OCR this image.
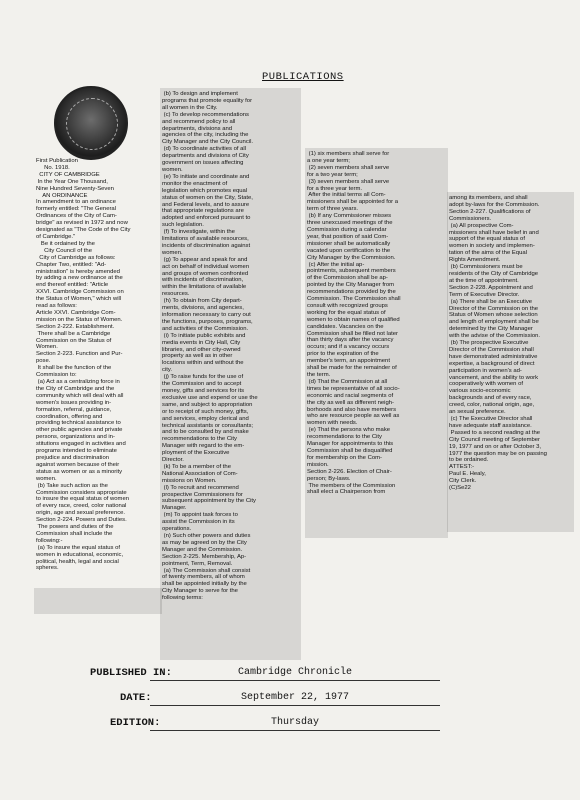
PUBLICATIONS
First Publication
No. 1918.
CITY OF CAMBRIDGE
In the Year One Thousand,
Nine Hundred Seventy-Seven
AN ORDINANCE
In amendment to an ordinance
formerly entitled: "The General
Ordinances of the City of Cam-
bridge" as revised in 1972 and now
designated as "The Code of the City
of Cambridge."
Be it ordained by the
City Council of the
City of Cambridge as follows:
Chapter Two, entitled: "Ad-
ministration" is hereby amended
by adding a new ordinance at the
end thereof entitled: "Article
XXVI. Cambridge Commission on
the Status of Women," which will
read as follows:
Article XXVI. Cambridge Com-
mission on the Status of Women.
Section 2-222. Establishment.
There shall be a Cambridge
Commission on the Status of
Women.
Section 2-223. Function and Pur-
pose.
It shall be the function of the
Commission to:
(a) Act as a centralizing force in
the City of Cambridge and the
community which will deal with all
women's issues providing in-
formation, referral, guidance,
coordination, offering and
providing technical assistance to
other public agencies and private
persons, organizations and in-
stitutions engaged in activities and
programs intended to eliminate
prejudice and discrimination
against women because of their
status as women or as a minority
women.
(b) Take such action as the
Commission considers appropriate
to insure the equal status of women
of every race, creed, color national
origin, age and sexual preference.
Section 2-224. Powers and Duties.
The powers and duties of the
Commission shall include the
following:-
(a) To insure the equal status of
women in educational, economic,
political, health, legal and social
spheres.
(b) To design and implement
programs that promote equality for
all women in the City.
(c) To develop recommendations
and recommend policy to all
departments, divisions and
agencies of the city, including the
City Manager and the City Council.
(d) To coordinate activities of all
departments and divisions of City
government on issues affecting
women.
(e) To initiate and coordinate and
monitor the enactment of
legislation which promotes equal
status of women on the City, State,
and Federal levels, and to assure
that appropriate regulations are
adopted and enforced pursuant to
such legislation.
(f) To investigate, within the
limitations of available resources,
incidents of discrimination against
women.
(g) To appear and speak for and
act on behalf of individual women
and groups of women confronted
with incidents of discrimination,
within the limitations of available
resources.
(h) To obtain from City depart-
ments, divisions, and agencies,
information necessary to carry out
the functions, purposes, programs,
and activities of the Commission.
(i) To initiate public exhibits and
media events in City Hall, City
libraries, and other city-owned
property as well as in other
locations within and without the
city.
(j) To raise funds for the use of
the Commission and to accept
money, gifts and services for its
exclusive use and expend or use the
same, and subject to appropriation
or to receipt of such money, gifts,
and services, employ clerical and
technical assistants or consultants;
and to be consulted by and make
recommendations to the City
Manager with regard to the em-
ployment of the Executive
Director.
(k) To be a member of the
National Association of Com-
missions on Women.
(l) To recruit and recommend
prospective Commissioners for
subsequent appointment by the City
Manager.
(m) To appoint task forces to
assist the Commission in its
operations.
(n) Such other powers and duties
as may be agreed on by the City
Manager and the Commission.
Section 2-225. Membership, Ap-
pointment, Term, Removal.
(a) The Commission shall consist
of twenty members, all of whom
shall be appointed initially by the
City Manager to serve for the
following terms:
(1) six members shall serve for
a one year term;
(2) seven members shall serve
for a two year term;
(3) seven members shall serve
for a three year term.
After the initial terms all Com-
missioners shall be appointed for a
term of three years.
(b) If any Commissioner misses
three unexcused meetings of the
Commission during a calendar
year, that position of said Com-
missioner shall be automatically
vacated upon certification to the
City Manager by the Commission.
(c) After the initial ap-
pointments, subsequent members
of the Commission shall be ap-
pointed by the City Manager from
recommendations provided by the
Commission. The Commission shall
consult with recognized groups
working for the equal status of
women to obtain names of qualified
candidates. Vacancies on the
Commission shall be filled not later
than thirty days after the vacancy
occurs; and if a vacancy occurs
prior to the expiration of the
member's term, an appointment
shall be made for the remainder of
the term.
(d) That the Commission at all
times be representative of all socio-
economic and racial segments of
the city as well as different neigh-
borhoods and also have members
who are resource people as well as
women with needs.
(e) That the persons who make
recommendations to the City
Manager for appointments to this
Commission shall be disqualified
for membership on the Com-
mission.
Section 2-226. Election of Chair-
person; By-laws.
The members of the Commission
shall elect a Chairperson from
among its members, and shall
adopt by-laws for the Commission.
Section 2-227. Qualifications of
Commissioners.
(a) All prospective Com-
missioners shall have belief in and
support of the equal status of
women in society and implemen-
tation of the aims of the Equal
Rights Amendment.
(b) Commissioners must be
residents of the City of Cambridge
at the time of appointment.
Section 2-228. Appointment and
Term of Executive Director.
(a) There shall be an Executive
Director of the Commission on the
Status of Women whose selection
and length of employment shall be
determined by the City Manager
with the advise of the Commission.
(b) The prospective Executive
Director of the Commission shall
have demonstrated administrative
expertise, a background of direct
participation in women's ad-
vancement, and the ability to work
cooperatively with women of
various socio-economic
backgrounds and of every race,
creed, color, national origin, age,
an sexual preference.
(c) The Executive Director shall
have adequate staff assistance.
Passed to a second reading at the
City Council meeting of September
19, 1977 and on or after October 3,
1977 the question may be on passing
to be ordained.
ATTEST:-
Paul E. Healy,
City Clerk.
(C)Se22
PUBLISHED IN:	Cambridge Chronicle
DATE:	September 22, 1977
EDITION:	Thursday
